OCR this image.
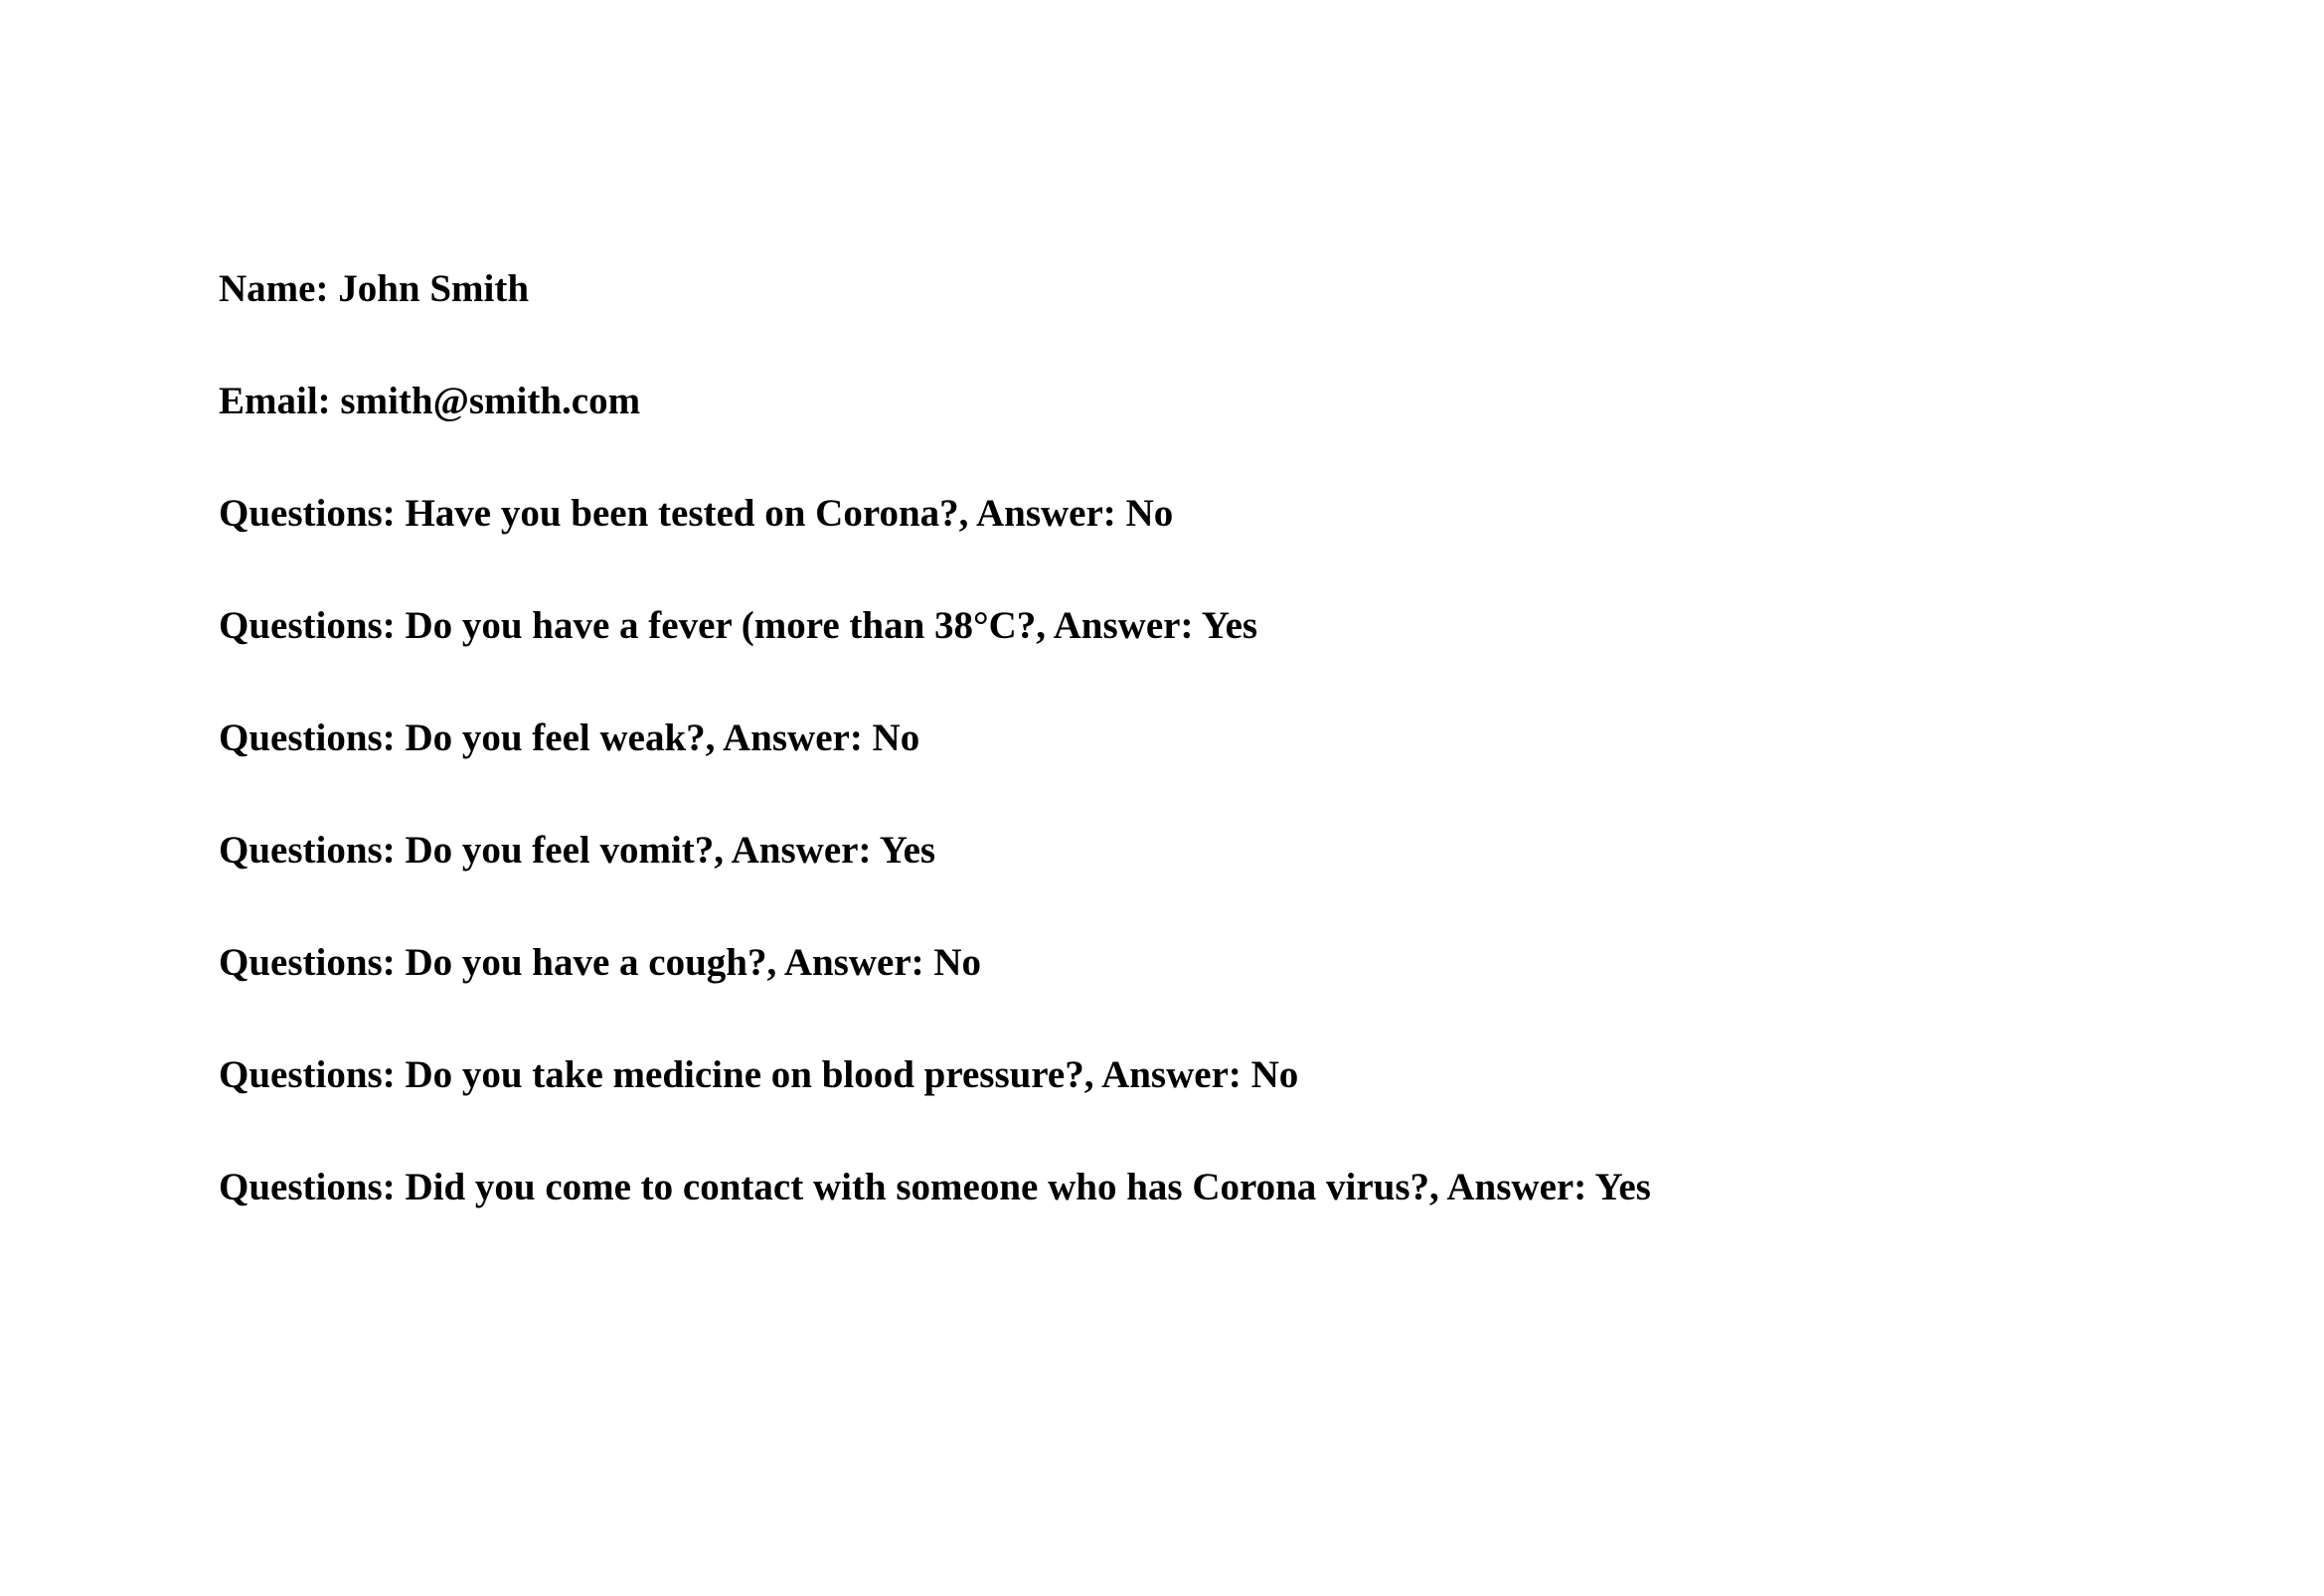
Name: John Smith

Email: smith@smith.com

Questions: Have you been tested on Corona?, Answer: No

Questions: Do you have a fever (more than 38°C?, Answer: Yes

Questions: Do you feel weak?, Answer: No

Questions: Do you feel vomit?, Answer: Yes

Questions: Do you have a cough?, Answer: No

Questions: Do you take medicine on blood pressure?, Answer: No

Questions: Did you come to contact with someone who has Corona virus?, Answer: Yes
